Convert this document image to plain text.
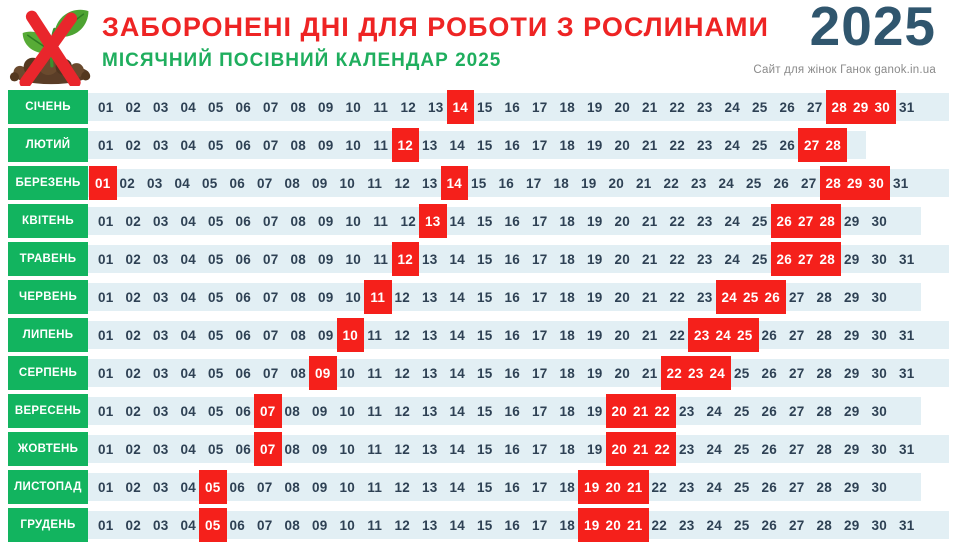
ЗАБОРОНЕНІ ДНІ ДЛЯ РОБОТИ З РОСЛИНАМИ
МІСЯЧНИЙ ПОСІВНИЙ КАЛЕНДАР 2025
2025
Сайт для жінок Ганок ganok.in.ua
СІЧЕНЬ	01 02 03 04 05 06 07 08 09 10 11 12 13 14 15 16 17 18 19 20 21 22 23 24 25 26 27 28 29 30 31
ЛЮТИЙ	01 02 03 04 05 06 07 08 09 10 11 12 13 14 15 16 17 18 19 20 21 22 23 24 25 26 27 28
БЕРЕЗЕНЬ	01 02 03 04 05 06 07 08 09 10 11 12 13 14 15 16 17 18 19 20 21 22 23 24 25 26 27 28 29 30 31
КВІТЕНЬ	01 02 03 04 05 06 07 08 09 10 11 12 13 14 15 16 17 18 19 20 21 22 23 24 25 26 27 28 29 30
ТРАВЕНЬ	01 02 03 04 05 06 07 08 09 10 11 12 13 14 15 16 17 18 19 20 21 22 23 24 25 26 27 28 29 30 31
ЧЕРВЕНЬ	01 02 03 04 05 06 07 08 09 10 11 12 13 14 15 16 17 18 19 20 21 22 23 24 25 26 27 28 29 30
ЛИПЕНЬ	01 02 03 04 05 06 07 08 09 10 11 12 13 14 15 16 17 18 19 20 21 22 23 24 25 26 27 28 29 30 31
СЕРПЕНЬ	01 02 03 04 05 06 07 08 09 10 11 12 13 14 15 16 17 18 19 20 21 22 23 24 25 26 27 28 29 30 31
ВЕРЕСЕНЬ	01 02 03 04 05 06 07 08 09 10 11 12 13 14 15 16 17 18 19 20 21 22 23 24 25 26 27 28 29 30
ЖОВТЕНЬ	01 02 03 04 05 06 07 08 09 10 11 12 13 14 15 16 17 18 19 20 21 22 23 24 25 26 27 28 29 30 31
ЛИСТОПАД	01 02 03 04 05 06 07 08 09 10 11 12 13 14 15 16 17 18 19 20 21 22 23 24 25 26 27 28 29 30
ГРУДЕНЬ	01 02 03 04 05 06 07 08 09 10 11 12 13 14 15 16 17 18 19 20 21 22 23 24 25 26 27 28 29 30 31
